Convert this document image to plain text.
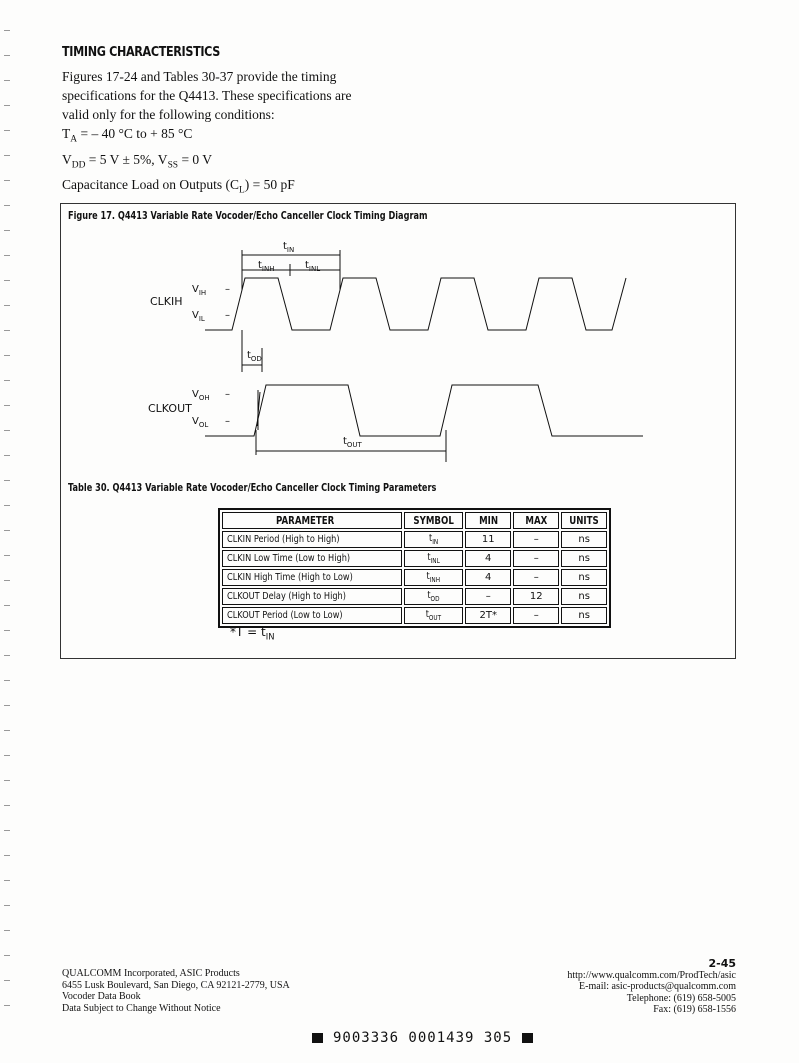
TIMING CHARACTERISTICS
Figures 17-24 and Tables 30-37 provide the timing
specifications for the Q4413. These specifications are
valid only for the following conditions:
$T_A$ = – 40 °C to + 85 °C
$V_{DD} = 5$ V ± 5%, $V_{SS} = 0$ V
Capacitance Load on Outputs $(C_L) = 50$ pF
Figure 17. Q4413 Variable Rate Vocoder/Echo Canceller Clock Timing Diagram
$t_{IN}$
$t_{INH}$	$t_{INL}$
$t_{OD}$
$t_{OUT}$
CLKIH
CLKOUT
$V_{IH}$ –
$V_{IL}$ –
$V_{OH}$ –
$V_{OL}$ –
Table 30. Q4413 Variable Rate Vocoder/Echo Canceller Clock Timing Parameters
PARAMETER	SYMBOL	MIN	MAX	UNITS
CLKIN Period (High to High)	$t_{IN}$	11	–	ns
CLKIN Low Time (Low to High)	$t_{INL}$	4	–	ns
CLKIN High Time (High to Low)	$t_{INH}$	4	–	ns
CLKOUT Delay (High to High)	$t_{OD}$	–	12	ns
CLKOUT Period (Low to Low)	$t_{OUT}$	2T*	–	ns
$*T = t_{IN}$
QUALCOMM Incorporated, ASIC Products
6455 Lusk Boulevard, San Diego, CA 92121-2779, USA
Vocoder Data Book
Data Subject to Change Without Notice
2-45
http://www.qualcomm.com/ProdTech/asic
E-mail: asic-products@qualcomm.com
Telephone: (619) 658-5005
Fax: (619) 658-1556
9003336 0001439 305
